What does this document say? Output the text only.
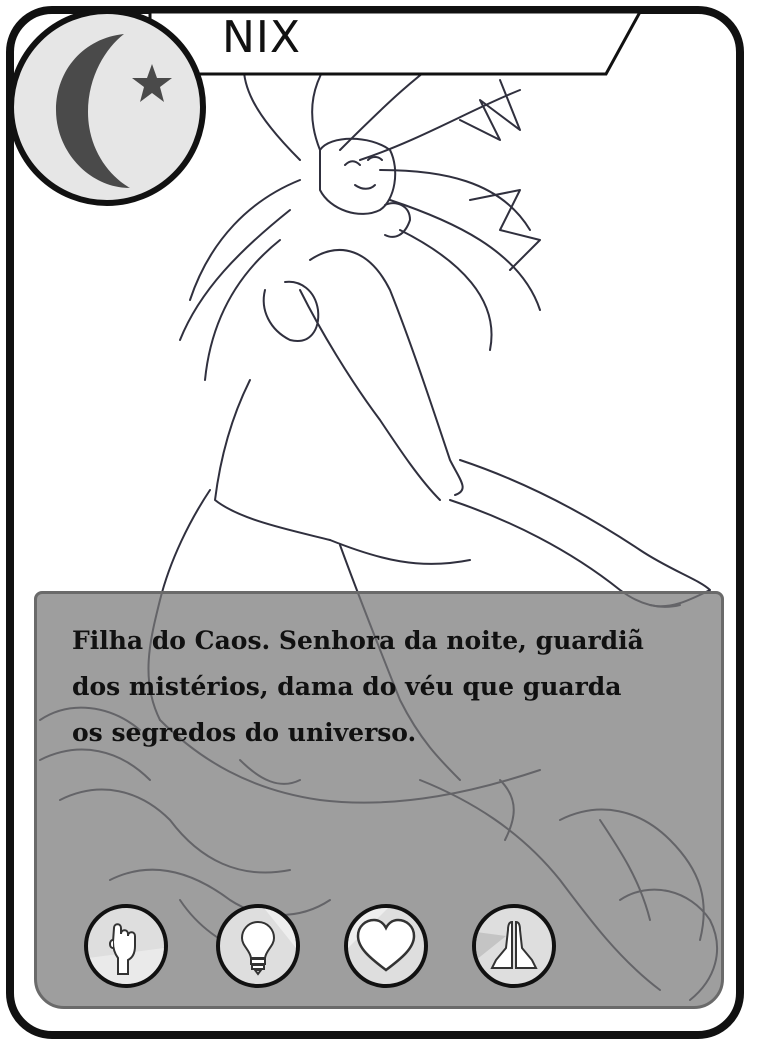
NIX
Filha do Caos. Senhora da noite, guardiã
dos mistérios, dama do véu que guarda
os segredos do universo.
